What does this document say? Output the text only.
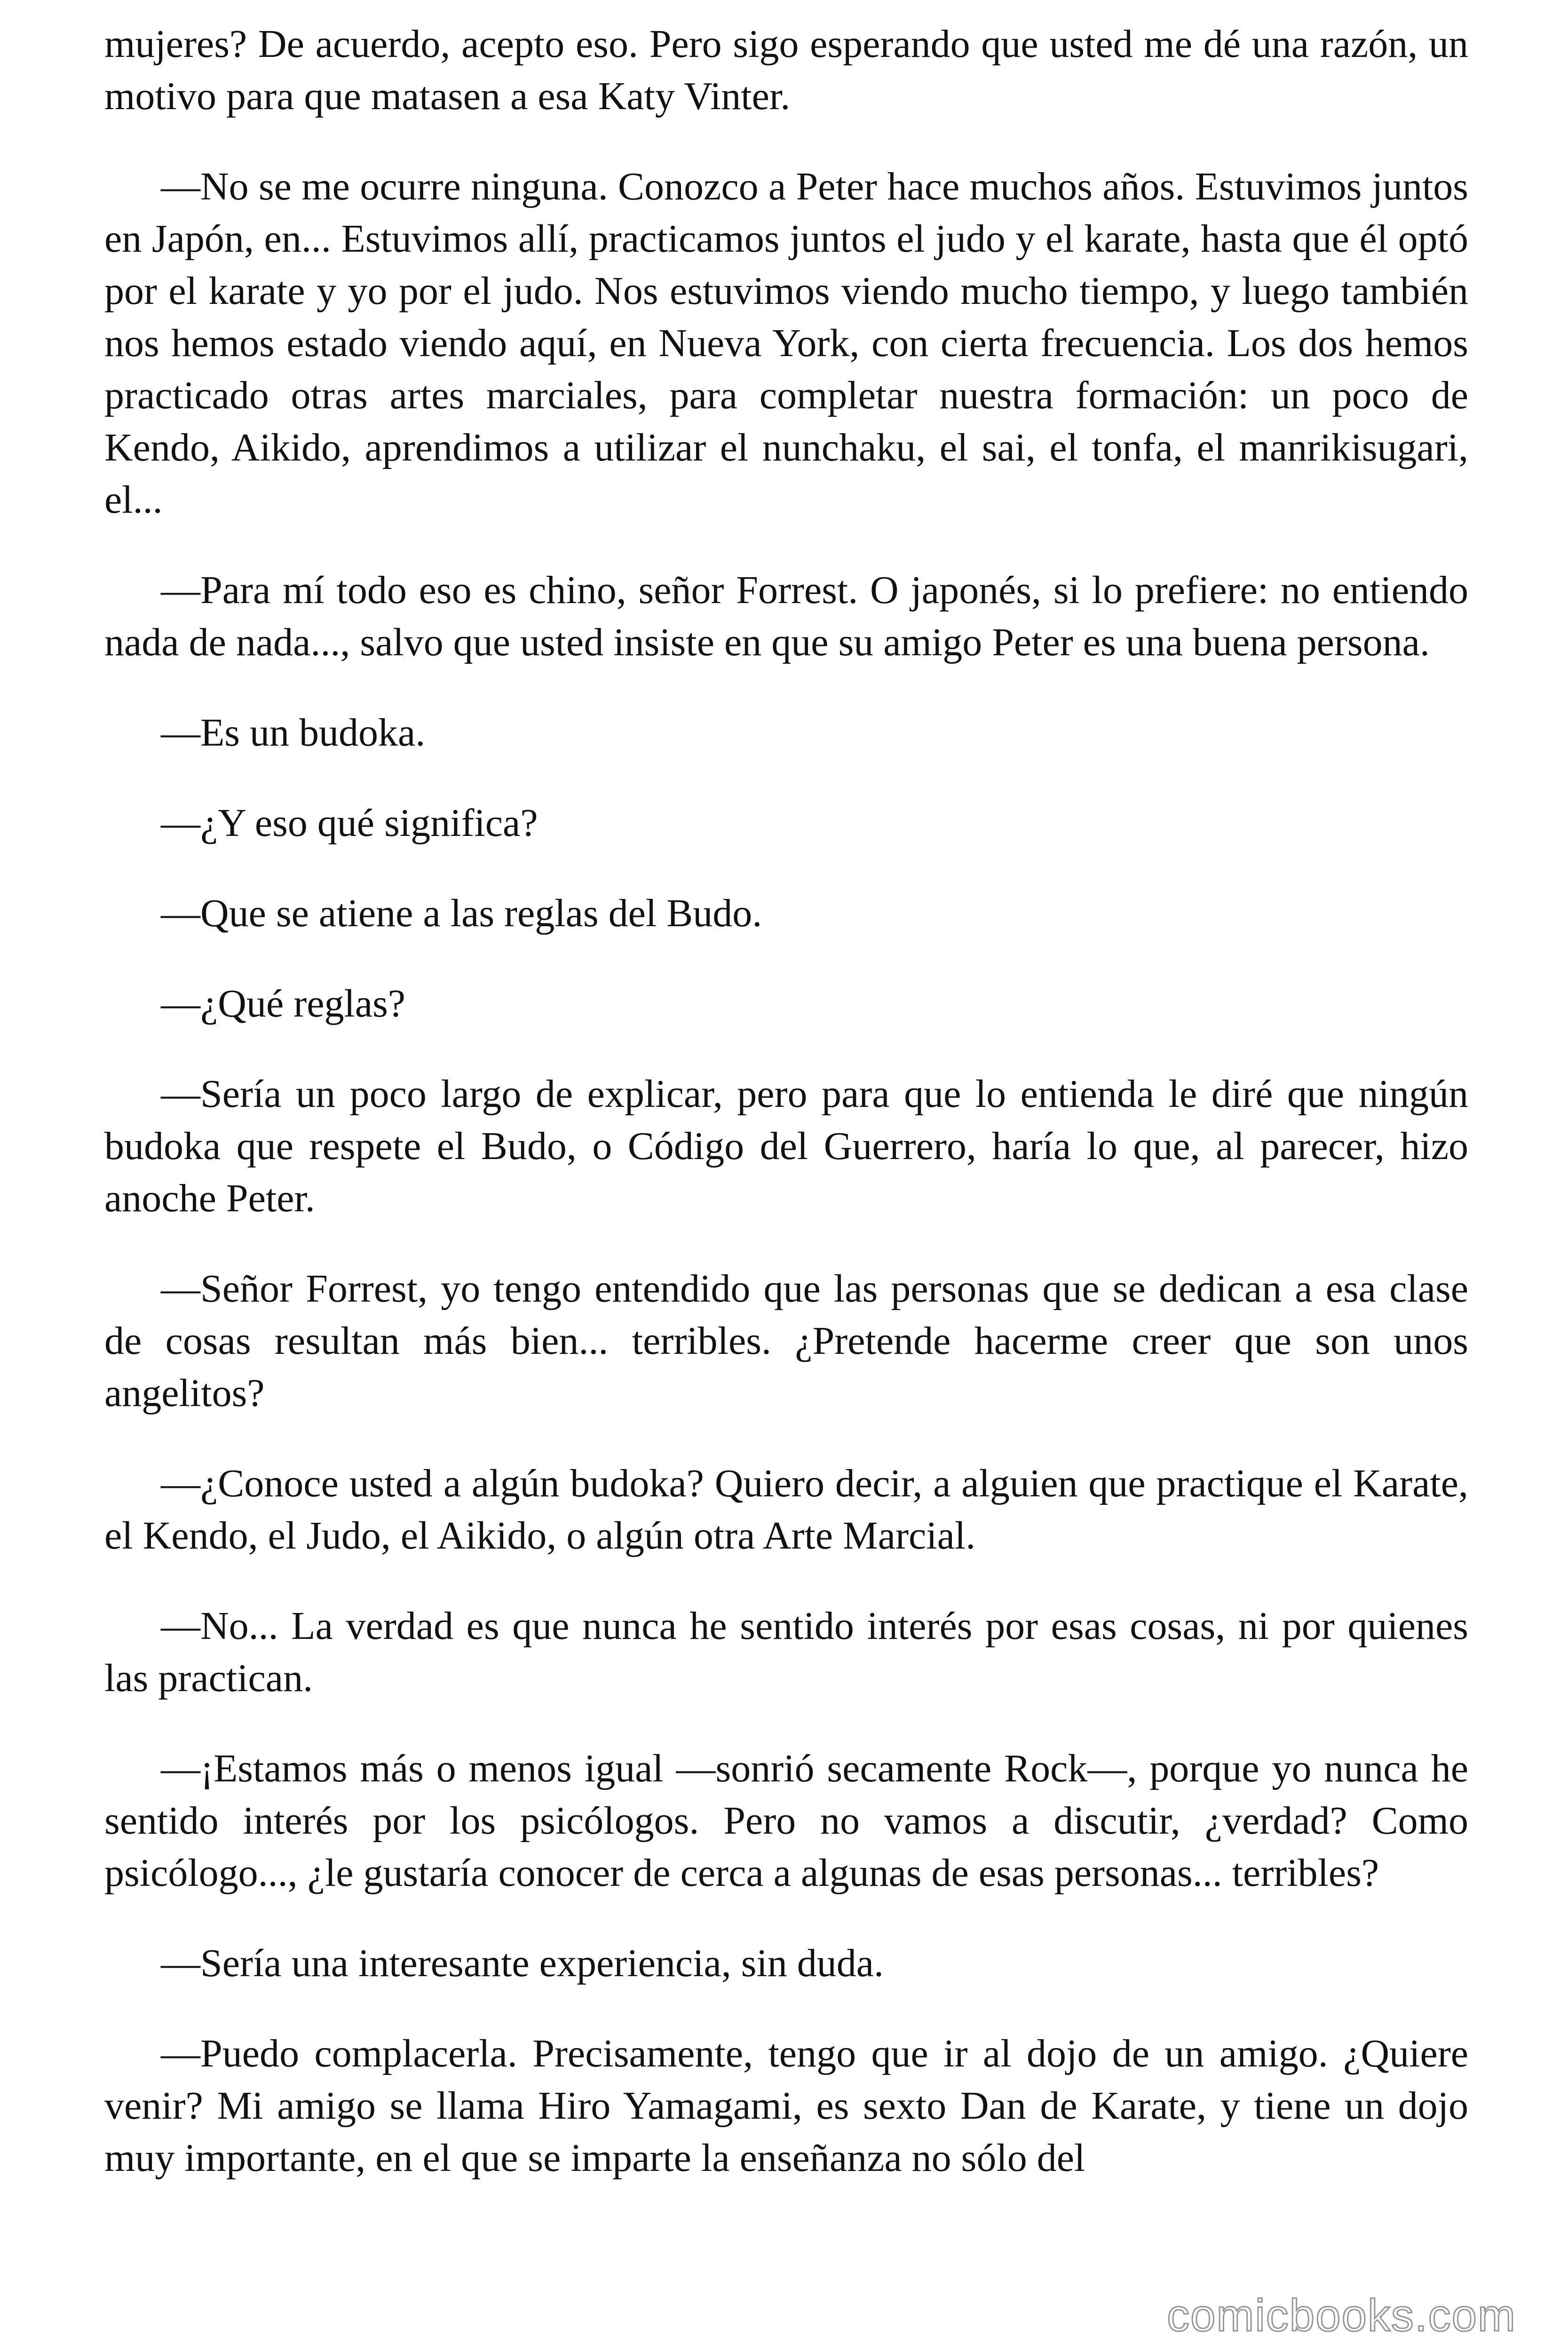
mujeres? De acuerdo, acepto eso. Pero sigo esperando que usted me dé una razón, un motivo para que matasen a esa Katy Vinter.

—No se me ocurre ninguna. Conozco a Peter hace muchos años. Estuvimos juntos en Japón, en... Estuvimos allí, practicamos juntos el judo y el karate, hasta que él optó por el karate y yo por el judo. Nos estuvimos viendo mucho tiempo, y luego también nos hemos estado viendo aquí, en Nueva York, con cierta frecuencia. Los dos hemos practicado otras artes marciales, para completar nuestra formación: un poco de Kendo, Aikido, aprendimos a utilizar el nunchaku, el sai, el tonfa, el manrikisugari, el...

—Para mí todo eso es chino, señor Forrest. O japonés, si lo prefiere: no entiendo nada de nada..., salvo que usted insiste en que su amigo Peter es una buena persona.

—Es un budoka.

—¿Y eso qué significa?

—Que se atiene a las reglas del Budo.

—¿Qué reglas?

—Sería un poco largo de explicar, pero para que lo entienda le diré que ningún budoka que respete el Budo, o Código del Guerrero, haría lo que, al parecer, hizo anoche Peter.

—Señor Forrest, yo tengo entendido que las personas que se dedican a esa clase de cosas resultan más bien... terribles. ¿Pretende hacerme creer que son unos angelitos?

—¿Conoce usted a algún budoka? Quiero decir, a alguien que practique el Karate, el Kendo, el Judo, el Aikido, o algún otra Arte Marcial.

—No... La verdad es que nunca he sentido interés por esas cosas, ni por quienes las practican.

—¡Estamos más o menos igual —sonrió secamente Rock—, porque yo nunca he sentido interés por los psicólogos. Pero no vamos a discutir, ¿verdad? Como psicólogo..., ¿le gustaría conocer de cerca a algunas de esas personas... terribles?

—Sería una interesante experiencia, sin duda.

—Puedo complacerla. Precisamente, tengo que ir al dojo de un amigo. ¿Quiere venir? Mi amigo se llama Hiro Yamagami, es sexto Dan de Karate, y tiene un dojo muy importante, en el que se imparte la enseñanza no sólo del

comicbooks.com
